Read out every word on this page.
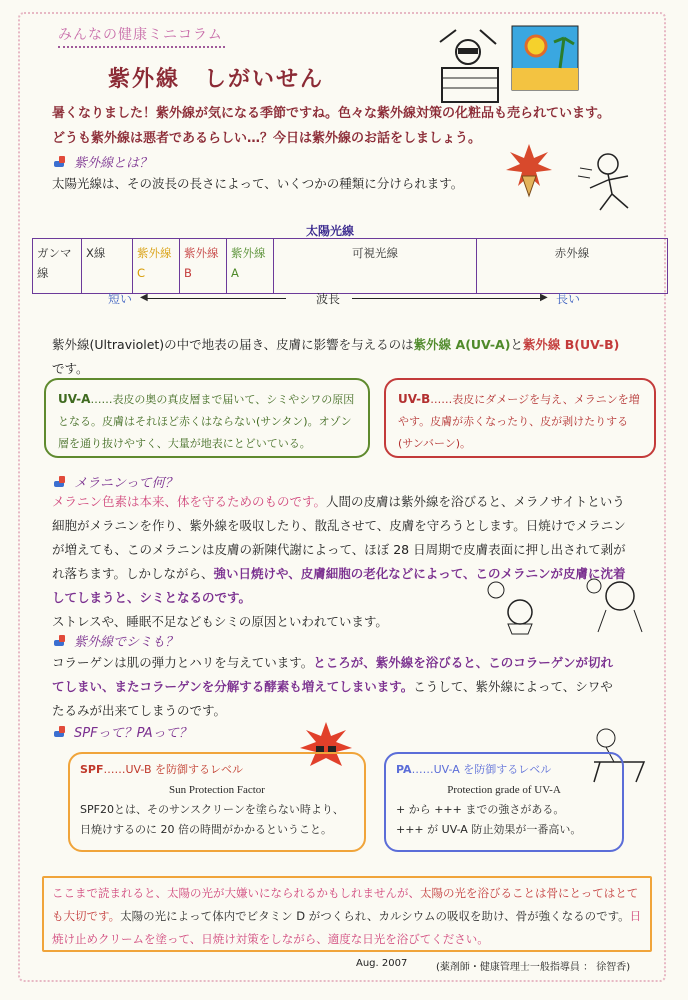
みんなの健康ミニコラム
紫外線　しがいせん
暑くなりました！紫外線が気になる季節ですね。色々な紫外線対策の化粧品も売られています。
どうも紫外線は悪者であるらしい…？今日は紫外線のお話をしましょう。
紫外線とは？
太陽光線は、その波長の長さによって、いくつかの種類に分けられます。
太陽光線
ガンマ線	X線	紫外線C	紫外線B	紫外線A	可視光線	赤外線
短い ◀	波長	▶ 長い
紫外線(Ultraviolet)の中で地表の届き、皮膚に影響を与えるのは紫外線 A(UV-A)と紫外線 B(UV-B)
です。
UV-A……表皮の奥の真皮層まで届いて、シミやシワの原因となる。皮膚はそれほど赤くはならない(サンタン)。オゾン層を通り抜けやすく、大量が地表にとどいている。
UV-B……表皮にダメージを与え、メラニンを増やす。皮膚が赤くなったり、皮が剥けたりする(サンバーン)。
メラニンって何？
メラニン色素は本来、体を守るためのものです。人間の皮膚は紫外線を浴びると、メラノサイトという細胞がメラニンを作り、紫外線を吸収したり、散乱させて、皮膚を守ろうとします。日焼けでメラニンが増えても、このメラニンは皮膚の新陳代謝によって、ほぼ 28 日周期で皮膚表面に押し出されて剥がれ落ちます。しかしながら、強い日焼けや、皮膚細胞の老化などによって、このメラニンが皮膚に沈着してしまうと、シミとなるのです。
ストレスや、睡眠不足などもシミの原因といわれています。
紫外線でシミも？
コラーゲンは肌の弾力とハリを与えています。ところが、紫外線を浴びると、このコラーゲンが切れてしまい、またコラーゲンを分解する酵素も増えてしまいます。こうして、紫外線によって、シワやたるみが出来てしまうのです。
SPFって？PAって？
SPF……UV-B を防御するレベル
Sun Protection Factor
SPF20とは、そのサンスクリーンを塗らない時より、
日焼けするのに 20 倍の時間がかかるということ。
PA……UV-A を防御するレベル
Protection grade of UV-A
+ から +++ までの強さがある。
+++ が UV-A 防止効果が一番高い。
ここまで読まれると、太陽の光が大嫌いになられるかもしれませんが、太陽の光を浴びることは骨にとってはとても大切です。太陽の光によって体内でビタミン D がつくられ、カルシウムの吸収を助け、骨が強くなるのです。日焼け止めクリームを塗って、日焼け対策をしながら、適度な日光を浴びてください。
Aug. 2007	(薬剤師・健康管理士一般指導員 ： 徐智香)
